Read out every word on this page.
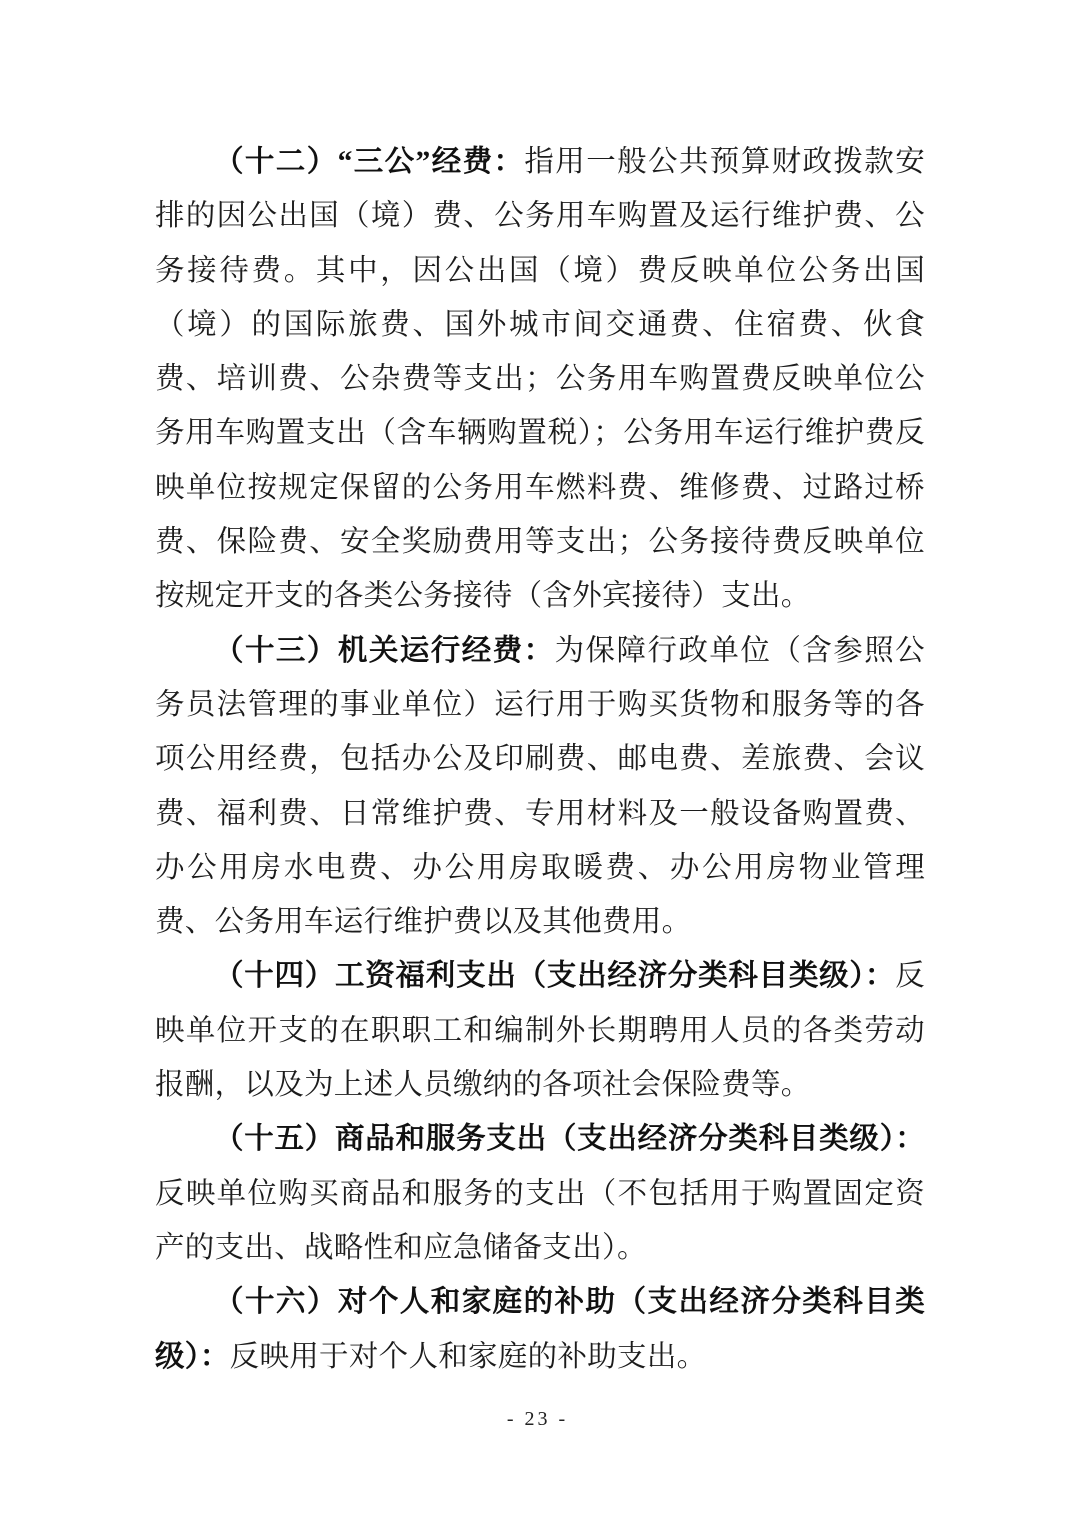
（十二）“三公”经费：指用一般公共预算财政拨款安排的因公出国（境）费、公务用车购置及运行维护费、公务接待费。其中，因公出国（境）费反映单位公务出国（境）的国际旅费、国外城市间交通费、住宿费、伙食费、培训费、公杂费等支出；公务用车购置费反映单位公务用车购置支出（含车辆购置税）；公务用车运行维护费反映单位按规定保留的公务用车燃料费、维修费、过路过桥费、保险费、安全奖励费用等支出；公务接待费反映单位按规定开支的各类公务接待（含外宾接待）支出。

（十三）机关运行经费：为保障行政单位（含参照公务员法管理的事业单位）运行用于购买货物和服务等的各项公用经费，包括办公及印刷费、邮电费、差旅费、会议费、福利费、日常维护费、专用材料及一般设备购置费、办公用房水电费、办公用房取暖费、办公用房物业管理费、公务用车运行维护费以及其他费用。

（十四）工资福利支出（支出经济分类科目类级）：反映单位开支的在职职工和编制外长期聘用人员的各类劳动报酬，以及为上述人员缴纳的各项社会保险费等。

（十五）商品和服务支出（支出经济分类科目类级）：反映单位购买商品和服务的支出（不包括用于购置固定资产的支出、战略性和应急储备支出）。

（十六）对个人和家庭的补助（支出经济分类科目类级）：反映用于对个人和家庭的补助支出。

- 23 -
